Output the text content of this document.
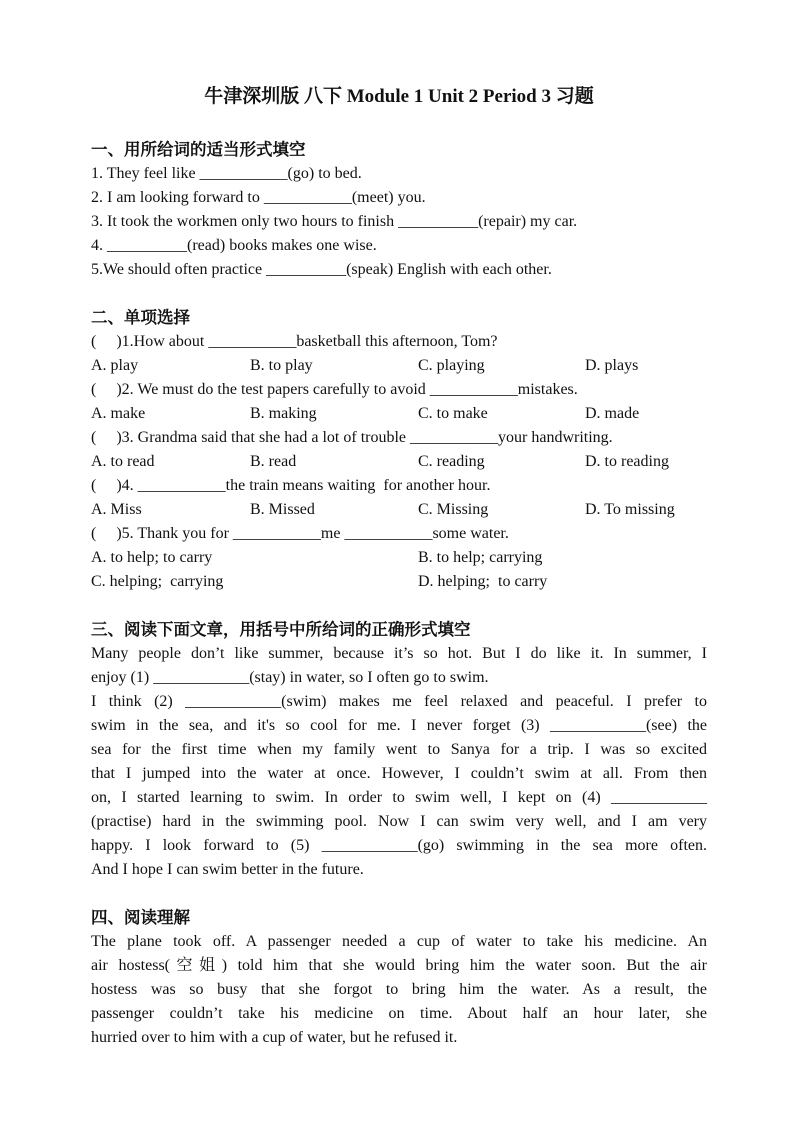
牛津深圳版 八下 Module 1 Unit 2 Period 3 习题
一、用所给词的适当形式填空
1. They feel like ___________(go) to bed.
2. I am looking forward to ___________(meet) you.
3. It took the workmen only two hours to finish __________(repair) my car.
4. __________(read) books makes one wise.
5.We should often practice __________(speak) English with each other.
二、单项选择
(     )1.How about ___________basketball this afternoon, Tom?
A. play	B. to play	C. playing	D. plays
(     )2. We must do the test papers carefully to avoid ___________mistakes.
A. make	B. making	C. to make	D. made
(     )3. Grandma said that she had a lot of trouble ___________your handwriting.
A. to read	B. read	C. reading	D. to reading
(     )4. ___________the train means waiting  for another hour.
A. Miss	B. Missed	C. Missing	D. To missing
(     )5. Thank you for ___________me ___________some water.
A. to help; to carry	B. to help; carrying
C. helping;  carrying	D. helping;  to carry
三、阅读下面文章，用括号中所给词的正确形式填空
Many people don’t like summer, because it’s so hot. But I do like it. In summer, I
enjoy (1) ____________(stay) in water, so I often go to swim.
I think (2) ____________(swim) makes me feel relaxed and peaceful. I prefer to
swim in the sea, and it's so cool for me. I never forget (3) ____________(see) the
sea for the first time when my family went to Sanya for a trip. I was so excited
that I jumped into the water at once. However, I couldn’t swim at all. From then
on, I started learning to swim. In order to swim well, I kept on (4) ____________
(practise) hard in the swimming pool. Now I can swim very well, and I am very
happy. I look forward to (5) ____________(go) swimming in the sea more often.
And I hope I can swim better in the future.
四、阅读理解
The plane took off. A passenger needed a cup of water to take his medicine. An
air hostess(空姐) told him that she would bring him the water soon. But the air
hostess was so busy that she forgot to bring him the water. As a result, the
passenger couldn’t take his medicine on time. About half an hour later, she
hurried over to him with a cup of water, but he refused it.
